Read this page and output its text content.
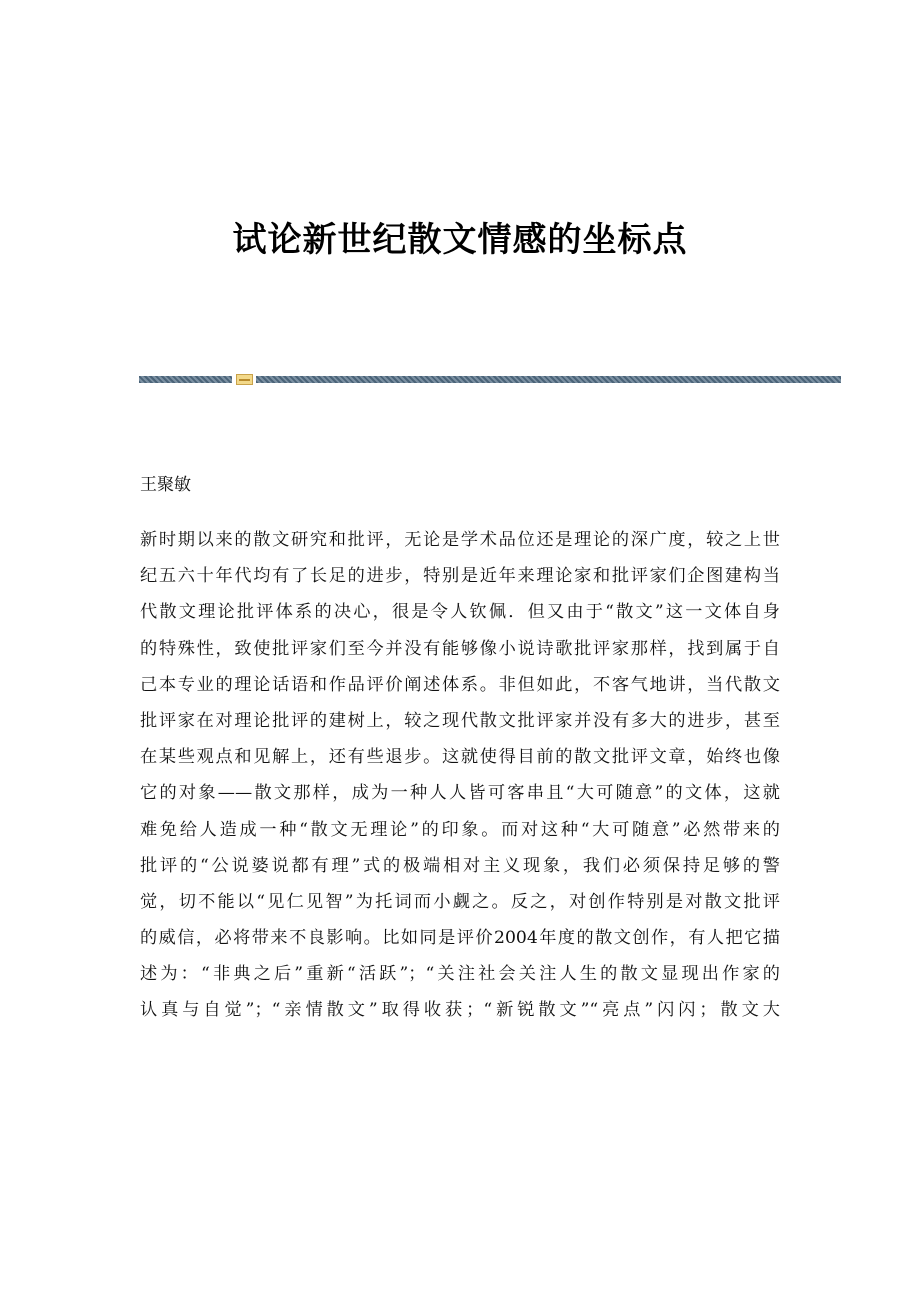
试论新世纪散文情感的坐标点
王聚敏
新时期以来的散文研究和批评，无论是学术品位还是理论的深广度，较之上世
纪五六十年代均有了长足的进步，特别是近年来理论家和批评家们企图建构当
代散文理论批评体系的决心，很是令人钦佩．但又由于“散文”这一文体自身
的特殊性，致使批评家们至今并没有能够像小说诗歌批评家那样，找到属于自
己本专业的理论话语和作品评价阐述体系。非但如此，不客气地讲，当代散文
批评家在对理论批评的建树上，较之现代散文批评家并没有多大的进步，甚至
在某些观点和见解上，还有些退步。这就使得目前的散文批评文章，始终也像
它的对象——散文那样，成为一种人人皆可客串且“大可随意”的文体，这就
难免给人造成一种“散文无理论”的印象。而对这种“大可随意”必然带来的
批评的“公说婆说都有理”式的极端相对主义现象，我们必须保持足够的警
觉，切不能以“见仁见智”为托词而小觑之。反之，对创作特别是对散文批评
的威信，必将带来不良影响。比如同是评价2004年度的散文创作，有人把它描
述为：“非典之后”重新“活跃”；“关注社会关注人生的散文显现出作家的
认真与自觉”；“亲情散文”取得收获；“新锐散文”“亮点”闪闪；散文大
